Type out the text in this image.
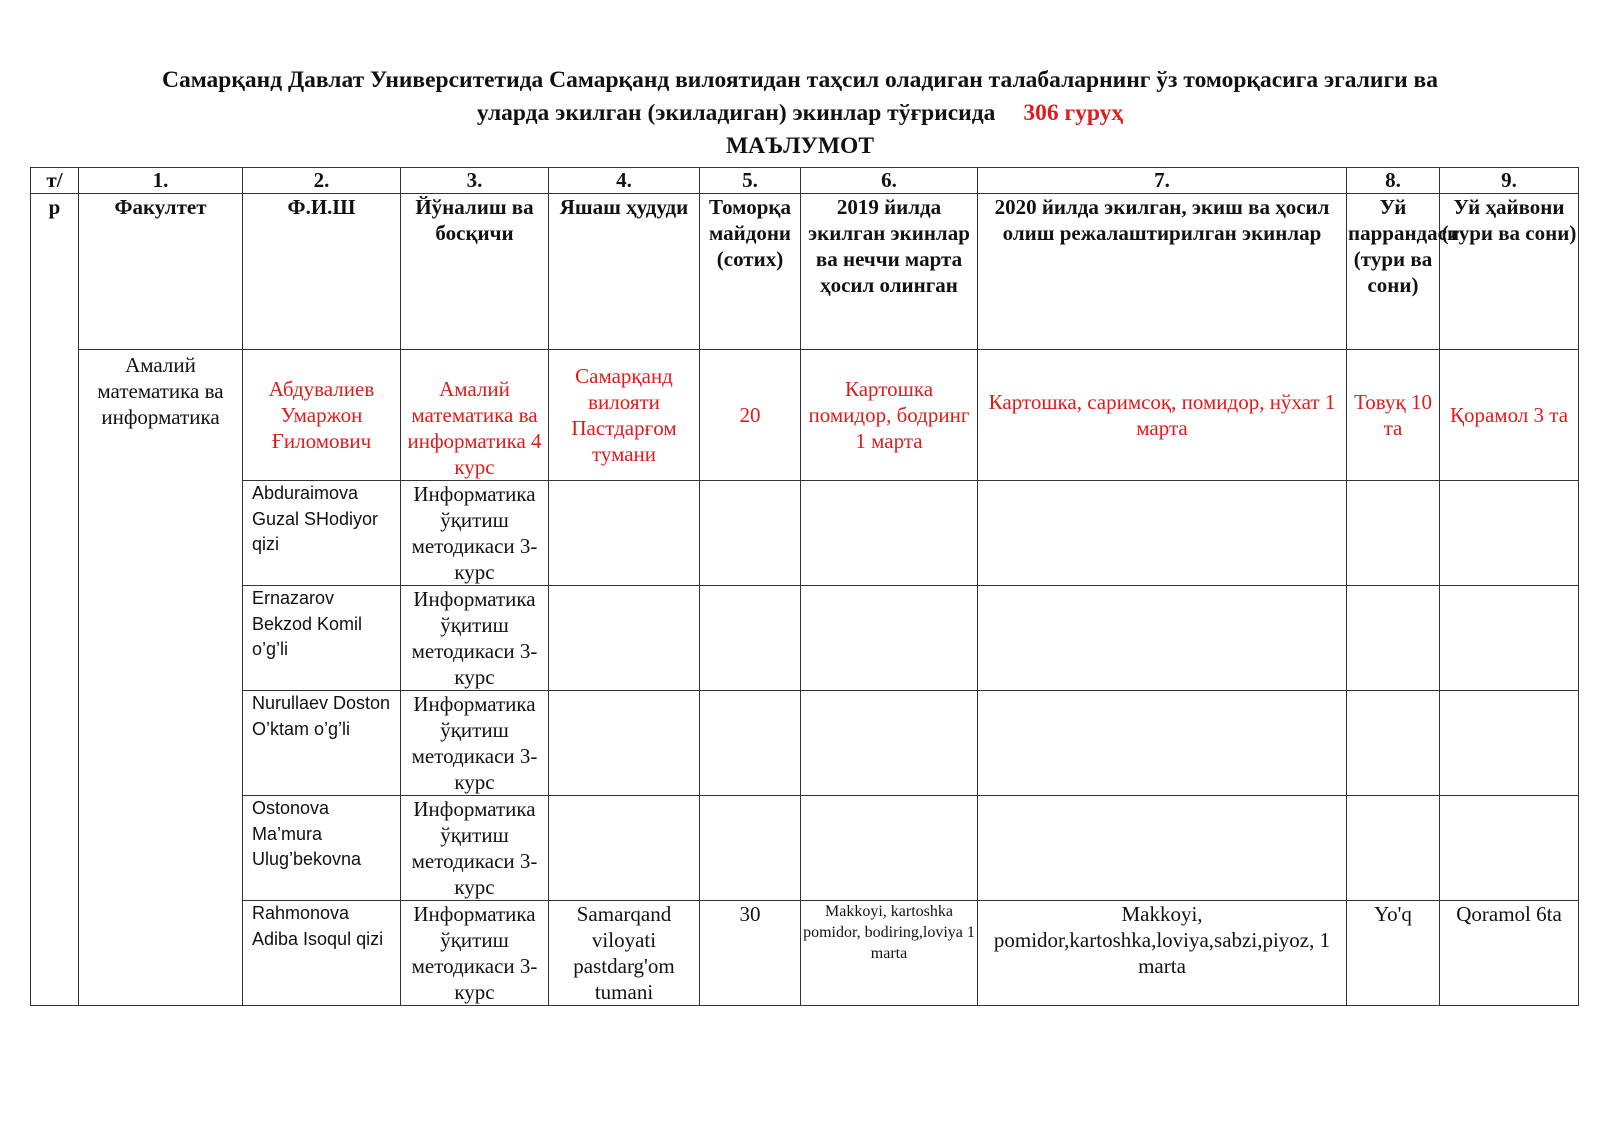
Самарқанд Давлат Университетида Самарқанд вилоятидан таҳсил оладиган талабаларнинг ўз томорқасига эгалиги ва
уларда экилган (экиладиган) экинлар тўғрисида 306 гуруҳ
МАЪЛУМОТ
т/	1.	2.	3.	4.	5.	6.	7.	8.	9.
р	Факултет	Ф.И.Ш	Йўналиш ва босқичи	Яшаш ҳудуди	Томорқа майдони (сотих)	2019 йилда экилган экинлар ва неччи марта ҳосил олинган	2020 йилда экилган, экиш ва ҳосил олиш режалаштирилган экинлар	Уй паррандаси (тури ва сони)	Уй ҳайвони (тури ва сони)
	Амалий математика ва информатика	Абдувалиев Умаржон Ғиломович	Амалий математика ва информатика 4 курс	Самарқанд вилояти Пастдарғом тумани	20	Картошка помидор, бодринг 1 марта	Картошка, саримсоқ, помидор, нўхат 1 марта	Товуқ 10 та	Қорамол 3 та
		Abduraimova Guzal SHodiyor qizi	Информатика ўқитиш методикаси 3-курс						
		Ernazarov Bekzod Komil o’g’li	Информатика ўқитиш методикаси 3-курс						
		Nurullaev Doston O’ktam o’g’li	Информатика ўқитиш методикаси 3-курс						
		Ostonova Ma’mura Ulug’bekovna	Информатика ўқитиш методикаси 3-курс						
		Rahmonova Adiba Isoqul qizi	Информатика ўқитиш методикаси 3-курс	Samarqand viloyati pastdarg'om tumani	30	Makkoyi, kartoshka pomidor, bodiring,loviya 1 marta	Makkoyi, pomidor,kartoshka,loviya,sabzi,piyoz, 1 marta	Yo'q	Qoramol 6ta
